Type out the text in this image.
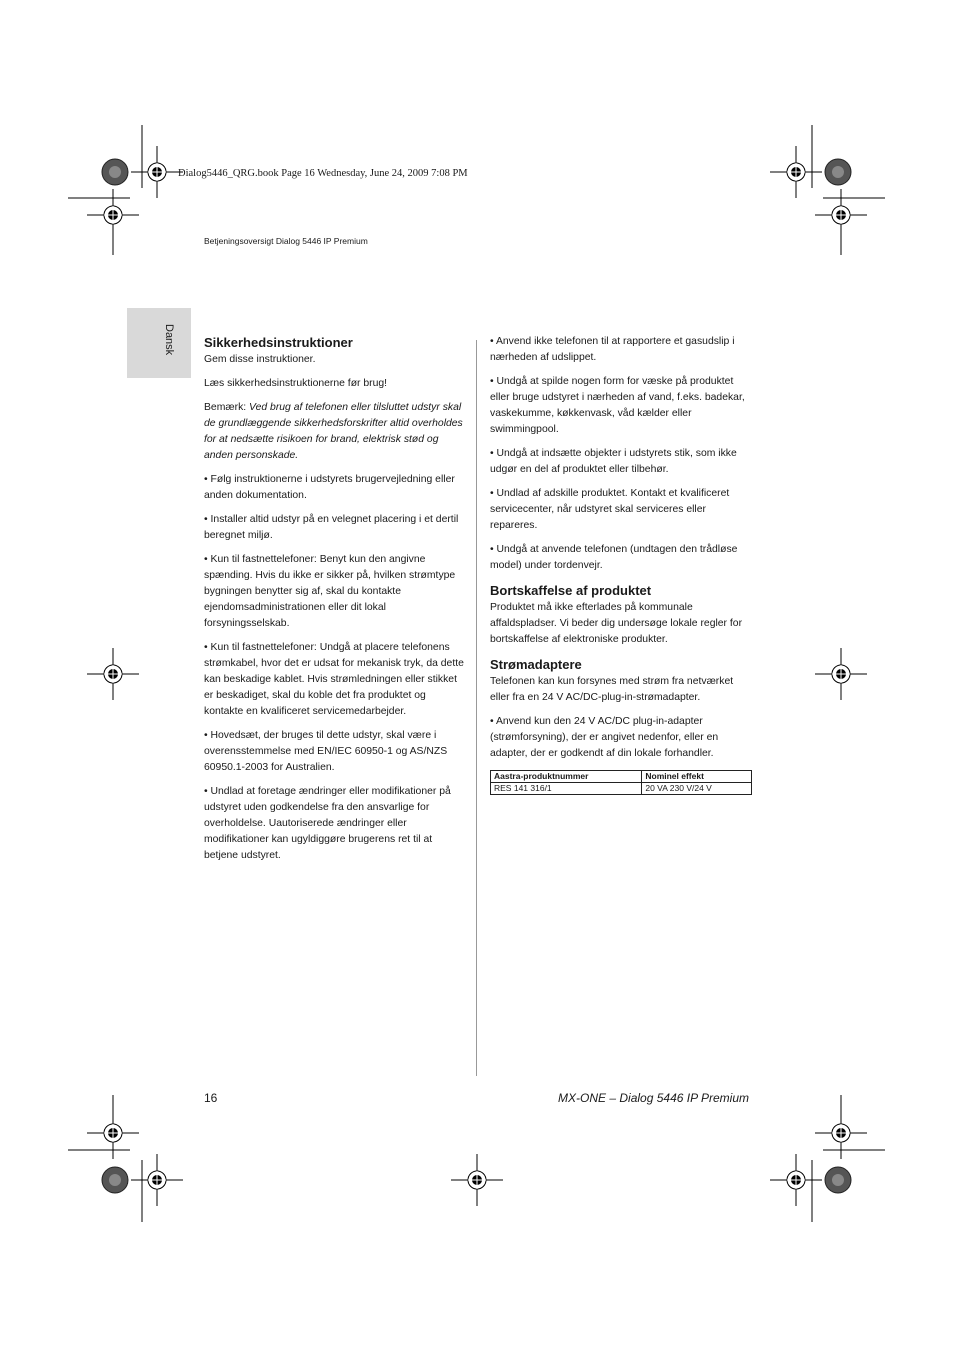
Dialog5446_QRG.book Page 16 Wednesday, June 24, 2009 7:08 PM
Betjeningsoversigt Dialog 5446 IP Premium
Dansk Sikkerhedsinstruktioner

Gem disse instruktioner.

Læs sikkerhedsinstruktionerne før brug!

Bemærk: Ved brug af telefonen eller tilsluttet udstyr skal de grundlæggende sikkerhedsforskrifter altid overholdes for at nedsætte risikoen for brand, elektrisk stød og anden personskade.

• Følg instruktionerne i udstyrets brugervejledning eller anden dokumentation.

• Installer altid udstyr på en velegnet placering i et dertil beregnet miljø.

• Kun til fastnettelefoner: Benyt kun den angivne spænding. Hvis du ikke er sikker på, hvilken strømtype bygningen benytter sig af, skal du kontakte ejendomsadministrationen eller dit lokal forsyningsselskab.

• Kun til fastnettelefoner: Undgå at placere telefonens strømkabel, hvor det er udsat for mekanisk tryk, da dette kan beskadige kablet. Hvis strømledningen eller stikket er beskadiget, skal du koble det fra produktet og kontakte en kvalificeret servicemedarbejder.

• Hovedsæt, der bruges til dette udstyr, skal være i overensstemmelse med EN/IEC 60950-1 og AS/NZS 60950.1-2003 for Australien.

• Undlad at foretage ændringer eller modifikationer på udstyret uden godkendelse fra den ansvarlige for overholdelse. Uautoriserede ændringer eller modifikationer kan ugyldiggøre brugerens ret til at betjene udstyret.

• Anvend ikke telefonen til at rapportere et gasudslip i nærheden af udslippet.

• Undgå at spilde nogen form for væske på produktet eller bruge udstyret i nærheden af vand, f.eks. badekar, vaskekumme, køkkenvask, våd kælder eller swimmingpool.

• Undgå at indsætte objekter i udstyrets stik, som ikke udgør en del af produktet eller tilbehør.

• Undlad af adskille produktet. Kontakt et kvalificeret servicecenter, når udstyret skal serviceres eller repareres.

• Undgå at anvende telefonen (undtagen den trådløse model) under tordenvejr.

Bortskaffelse af produktet

Produktet må ikke efterlades på kommunale affaldspladser. Vi beder dig undersøge lokale regler for bortskaffelse af elektroniske produkter.

Strømadaptere

Telefonen kan kun forsynes med strøm fra netværket eller fra en 24 V AC/DC-plug-in-strømadapter.

• Anvend kun den 24 V AC/DC plug-in-adapter (strømforsyning), der er angivet nedenfor, eller en adapter, der er godkendt af din lokale forhandler.

Aastra-produktnummer	Nominel effekt
RES 141 316/1	20 VA 230 V/24 V
16	MX-ONE – Dialog 5446 IP Premium
